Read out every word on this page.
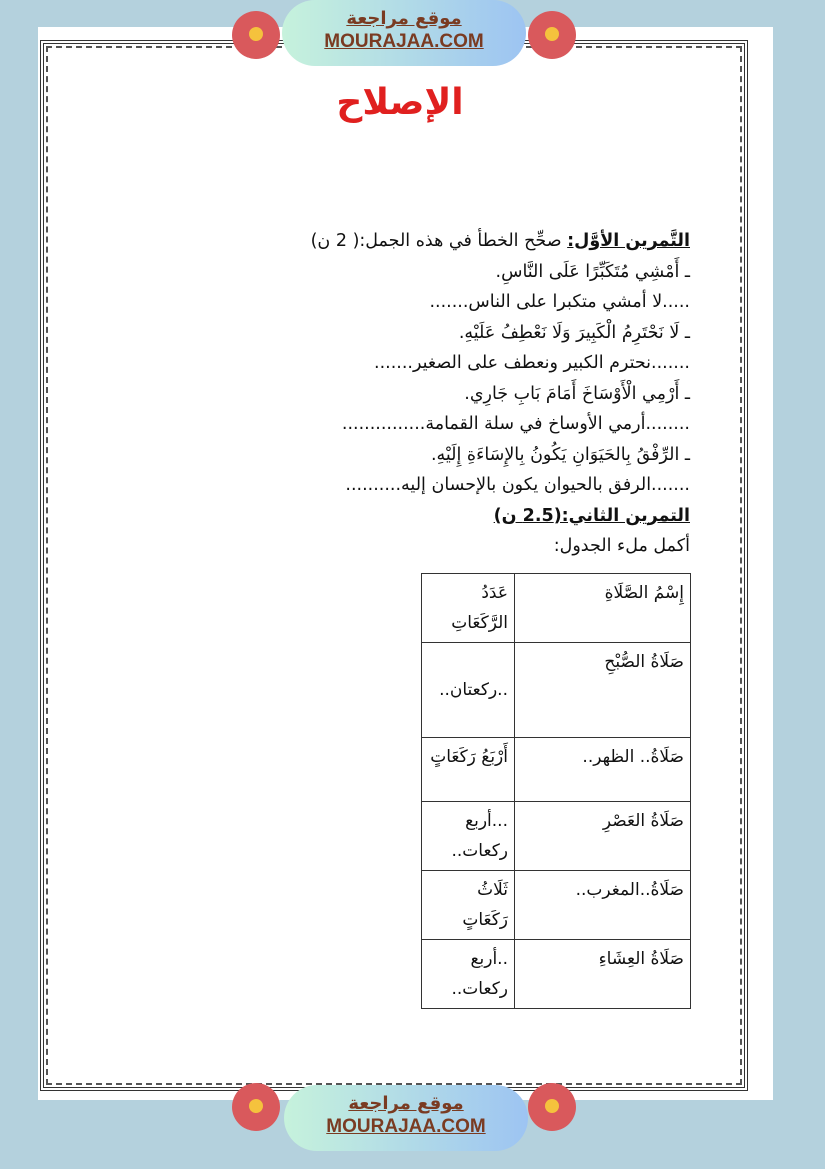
موقع مراجعة
MOURAJAA.COM
موقع مراجعة
MOURAJAA.COM
الإصلاح
التَّمرين الأوَّل: صحِّح الخطأ في هذه الجمل:( 2 ن)
ـ أَمْشِي مُتَكَبِّرًا عَلَى النَّاسِ.
.....لا أمشي متكبرا على الناس.......
ـ لَا نَحْتَرِمُ الْكَبِيرَ وَلَا نَعْطِفُ عَلَيْهِ.
.......نحترم الكبير ونعطف على الصغير.......
ـ أَرْمِي الْأَوْسَاخَ أَمَامَ بَابِ جَارِي.
........أرمي الأوساخ في سلة القمامة...............
ـ الرِّفْقُ بِالحَيَوَانِ يَكُونُ بِالإِسَاءَةِ إِلَيْهِ.
.......الرفق بالحيوان يكون بالإحسان إليه..........
التمرين الثاني:(2.5 ن)
أكمل ملء الجدول:
إِسْمُ الصَّلَاةِ	عَدَدُ الرَّكَعَاتِ
صَلَاةُ الصُّبْحِ	..ركعتان..
صَلَاةُ.. الظهر..	أَرْبَعُ رَكَعَاتٍ
صَلَاةُ العَصْرِ	...أربع ركعات..
صَلَاةُ..المغرب..	ثَلَاثُ رَكَعَاتٍ
صَلَاةُ العِشَاءِ	..أربع ركعات..
